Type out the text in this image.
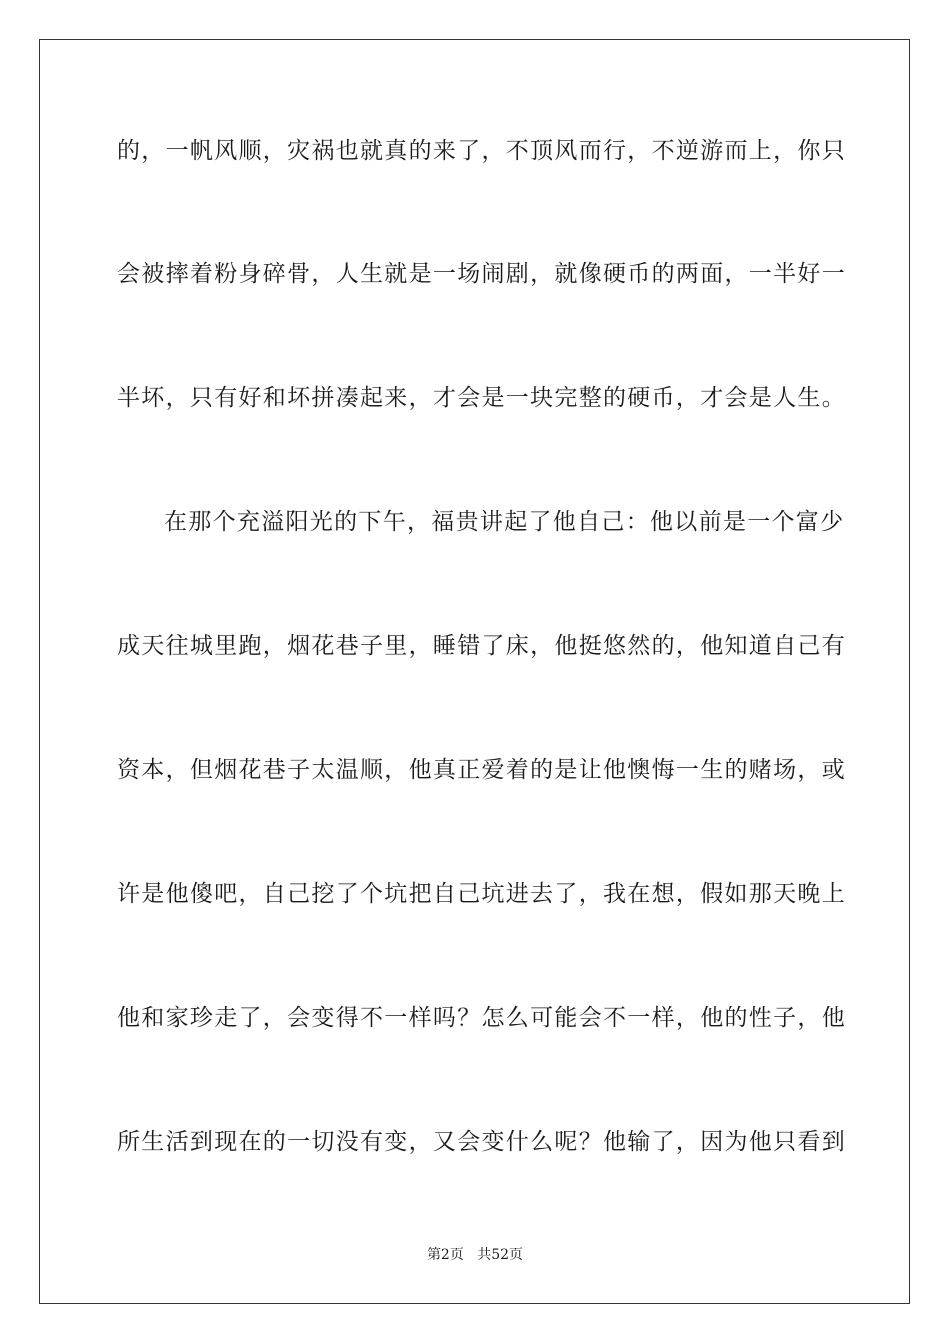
的，一帆风顺，灾祸也就真的来了，不顶风而行，不逆游而上，你只
会被摔着粉身碎骨，人生就是一场闹剧，就像硬币的两面，一半好一
半坏，只有好和坏拼凑起来，才会是一块完整的硬币，才会是人生。
在那个充溢阳光的下午，福贵讲起了他自己：他以前是一个富少
成天往城里跑，烟花巷子里，睡错了床，他挺悠然的，他知道自己有
资本，但烟花巷子太温顺，他真正爱着的是让他懊悔一生的赌场，或
许是他傻吧，自己挖了个坑把自己坑进去了，我在想，假如那天晚上
他和家珍走了，会变得不一样吗？怎么可能会不一样，他的性子，他
所生活到现在的一切没有变，又会变什么呢？他输了，因为他只看到
第2页 共52页
